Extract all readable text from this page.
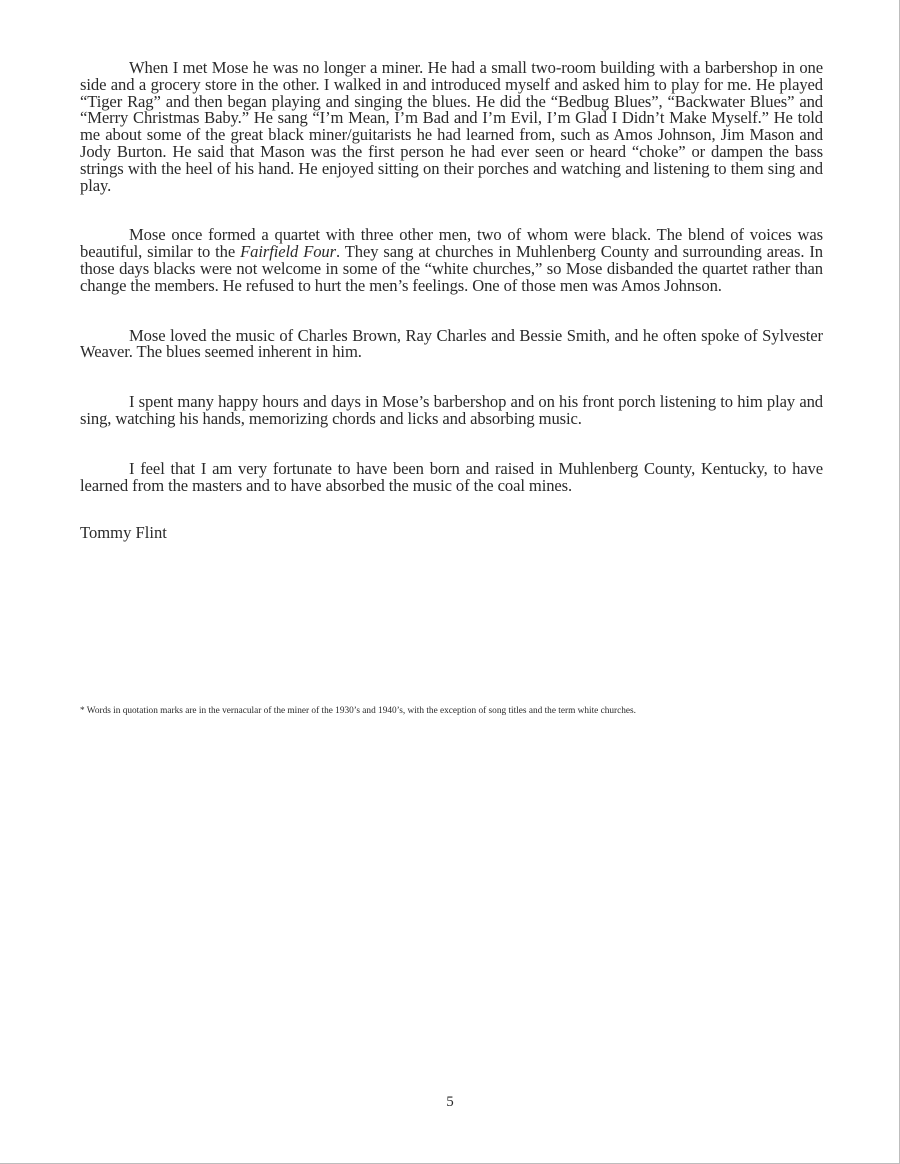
When I met Mose he was no longer a miner. He had a small two-room building with a barbershop in one side and a grocery store in the other. I walked in and introduced myself and asked him to play for me. He played “Tiger Rag” and then began playing and singing the blues. He did the “Bedbug Blues”, “Backwater Blues” and “Merry Christmas Baby.” He sang “I’m Mean, I’m Bad and I’m Evil, I’m Glad I Didn’t Make Myself.” He told me about some of the great black miner/guitarists he had learned from, such as Amos Johnson, Jim Mason and Jody Burton. He said that Mason was the first person he had ever seen or heard “choke” or dampen the bass strings with the heel of his hand. He enjoyed sitting on their porches and watching and listening to them sing and play.

Mose once formed a quartet with three other men, two of whom were black. The blend of voices was beautiful, similar to the Fairfield Four. They sang at churches in Muhlenberg County and surrounding areas. In those days blacks were not welcome in some of the “white churches,” so Mose disbanded the quartet rather than change the members. He refused to hurt the men’s feelings. One of those men was Amos Johnson.

Mose loved the music of Charles Brown, Ray Charles and Bessie Smith, and he often spoke of Sylvester Weaver. The blues seemed inherent in him.

I spent many happy hours and days in Mose’s barbershop and on his front porch listening to him play and sing, watching his hands, memorizing chords and licks and absorbing music.

I feel that I am very fortunate to have been born and raised in Muhlenberg County, Kentucky, to have learned from the masters and to have absorbed the music of the coal mines.

Tommy Flint

* Words in quotation marks are in the vernacular of the miner of the 1930’s and 1940’s, with the exception of song titles and the term white churches.
5
